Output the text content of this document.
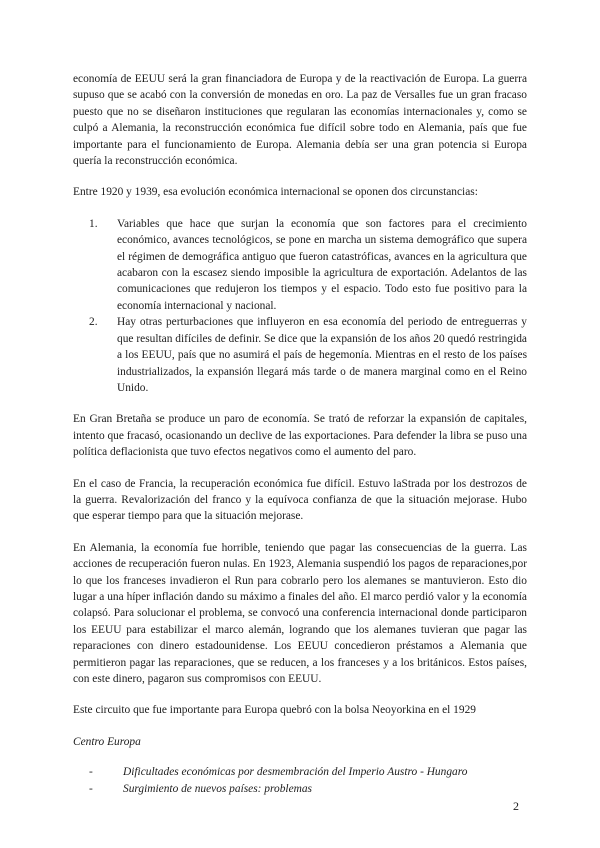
economía de EEUU será la gran financiadora de Europa y de la reactivación de Europa. La guerra supuso que se acabó con la conversión de monedas en oro. La paz de Versalles fue un gran fracaso puesto que no se diseñaron instituciones que regularan las economías internacionales y, como se culpó a Alemania, la reconstrucción económica fue difícil sobre todo en Alemania, país que fue importante para el funcionamiento de Europa. Alemania debía ser una gran potencia si Europa quería la reconstrucción económica.

Entre 1920 y 1939, esa evolución económica internacional se oponen dos circunstancias:

1. Variables que hace que surjan la economía que son factores para el crecimiento económico, avances tecnológicos, se pone en marcha un sistema demográfico que supera el régimen de demográfica antiguo que fueron catastróficas, avances en la agricultura que acabaron con la escasez siendo imposible la agricultura de exportación. Adelantos de las comunicaciones que redujeron los tiempos y el espacio. Todo esto fue positivo para la economía internacional y nacional.
2. Hay otras perturbaciones que influyeron en esa economía del periodo de entreguerras y que resultan difíciles de definir. Se dice que la expansión de los años 20 quedó restringida a los EEUU, país que no asumirá el país de hegemonía. Mientras en el resto de los países industrializados, la expansión llegará más tarde o de manera marginal como en el Reino Unido.

En Gran Bretaña se produce un paro de economía. Se trató de reforzar la expansión de capitales, intento que fracasó, ocasionando un declive de las exportaciones. Para defender la libra se puso una política deflacionista que tuvo efectos negativos como el aumento del paro.

En el caso de Francia, la recuperación económica fue difícil. Estuvo laStrada por los destrozos de la guerra. Revalorización del franco y la equívoca confianza de que la situación mejorase. Hubo que esperar tiempo para que la situación mejorase.

En Alemania, la economía fue horrible, teniendo que pagar las consecuencias de la guerra. Las acciones de recuperación fueron nulas. En 1923, Alemania suspendió los pagos de reparaciones,por lo que los franceses invadieron el Run para cobrarlo pero los alemanes se mantuvieron. Esto dio lugar a una híper inflación dando su máximo a finales del año. El marco perdió valor y la economía colapsó. Para solucionar el problema, se convocó una conferencia internacional donde participaron los EEUU para estabilizar el marco alemán, logrando que los alemanes tuvieran que pagar las reparaciones con dinero estadounidense. Los EEUU concedieron préstamos a Alemania que permitieron pagar las reparaciones, que se reducen, a los franceses y a los británicos. Estos países, con este dinero, pagaron sus compromisos con EEUU.

Este circuito que fue importante para Europa quebró con la bolsa Neoyorkina en el 1929

Centro Europa
-	Dificultades económicas por desmembración del Imperio Austro - Hungaro
-	Surgimiento de nuevos países: problemas
2
